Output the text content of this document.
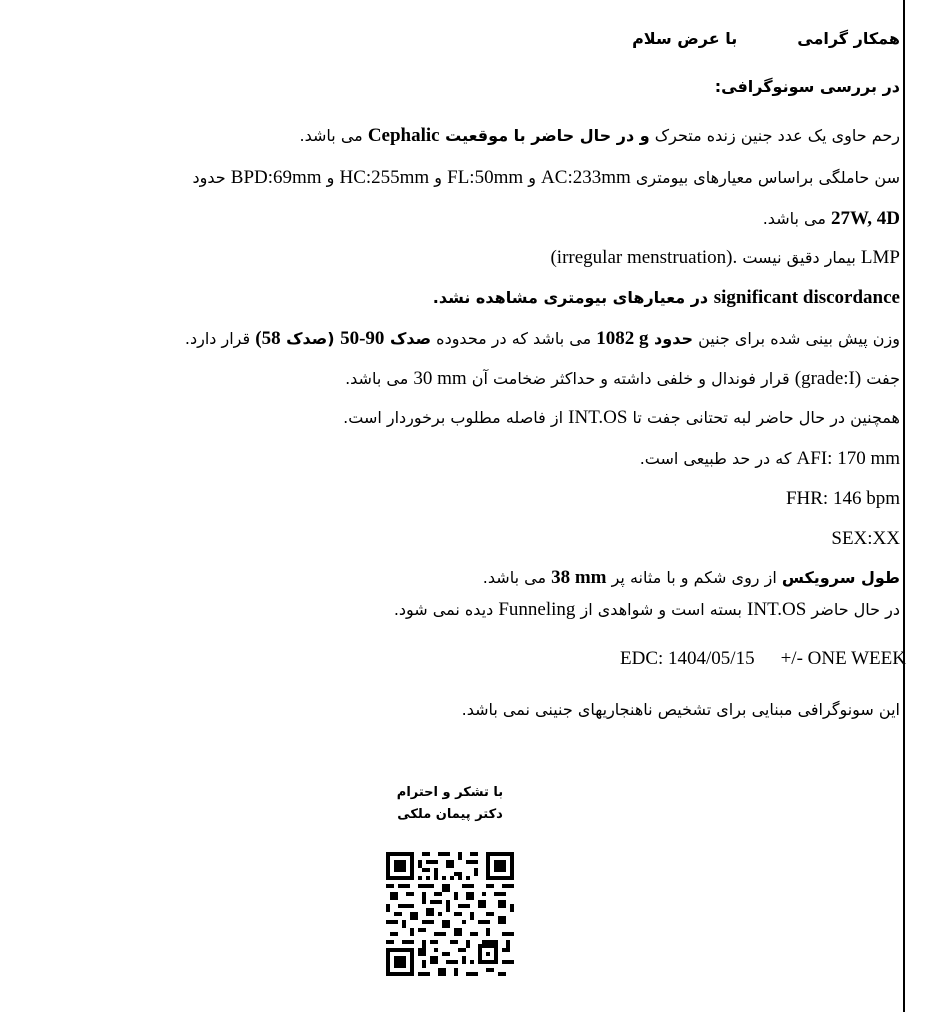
همکار گرامیبا عرض سلام
در بررسی سونوگرافی:
رحم حاوی یک عدد جنین زنده متحرک و در حال حاضر با موقعیت Cephalic می باشد.
سن حاملگی براساس معیارهای بیومتری AC:233mm و FL:50mm و HC:255mm و BPD:69mm حدود
27W, 4D می باشد.
LMP بیمار دقیق نیست (irregular menstruation).
significant discordance در معیارهای بیومتری مشاهده نشد.
وزن پیش بینی شده برای جنین حدود 1082 g می باشد که در محدوده صدک 50-90 (صدک 58) قرار دارد.
جفت (grade:I) قرار فوندال و خلفی داشته و حداکثر ضخامت آن 30 mm می باشد.
همچنین در حال حاضر لبه تحتانی جفت تا INT.OS از فاصله مطلوب برخوردار است.
AFI: 170 mm که در حد طبیعی است.
FHR: 146 bpm
SEX:XX
طول سرویکس از روی شکم و با مثانه پر 38 mm می باشد.
در حال حاضر INT.OS بسته است و شواهدی از Funneling دیده نمی شود.
EDC: 1404/05/15 +/- ONE WEEK
این سونوگرافی مبنایی برای تشخیص ناهنجاریهای جنینی نمی باشد.
با تشکر و احترام
دکتر پیمان ملکی
